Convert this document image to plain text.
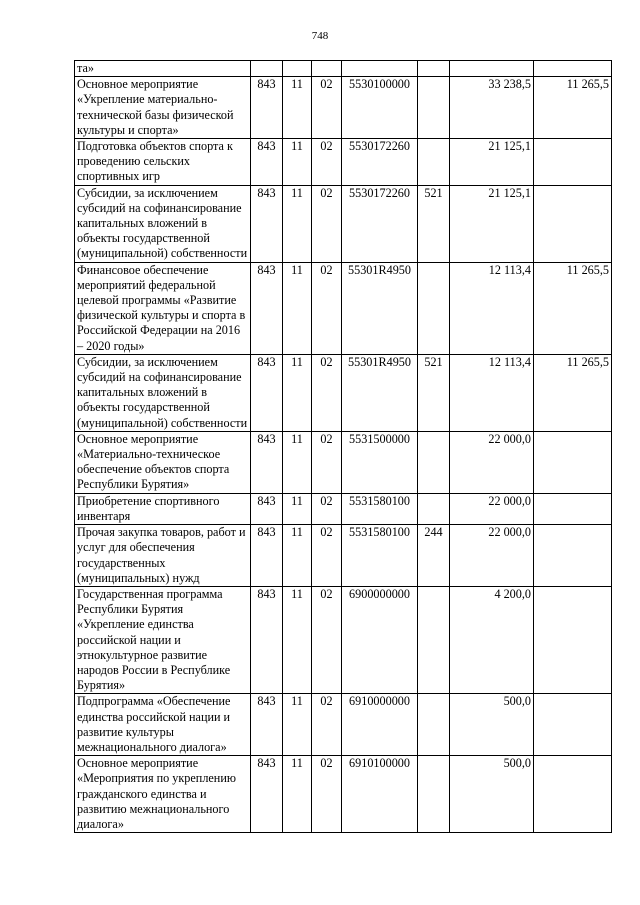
748
та»							
Основное мероприятие «Укрепление материально-технической базы физической культуры и спорта»	843	11	02	5530100000		33 238,5	11 265,5
Подготовка объектов спорта к проведению сельских спортивных игр	843	11	02	5530172260		21 125,1	
Субсидии, за исключением субсидий на софинансирование капитальных вложений в объекты государственной (муниципальной) собственности	843	11	02	5530172260	521	21 125,1	
Финансовое обеспечение мероприятий федеральной целевой программы «Развитие физической культуры и спорта в Российской Федерации на 2016 – 2020 годы»	843	11	02	55301R4950		12 113,4	11 265,5
Субсидии, за исключением субсидий на софинансирование капитальных вложений в объекты государственной (муниципальной) собственности	843	11	02	55301R4950	521	12 113,4	11 265,5
Основное мероприятие «Материально-техническое обеспечение объектов спорта Республики Бурятия»	843	11	02	5531500000		22 000,0	
Приобретение спортивного инвентаря	843	11	02	5531580100		22 000,0	
Прочая закупка товаров, работ и услуг для обеспечения государственных (муниципальных) нужд	843	11	02	5531580100	244	22 000,0	
Государственная программа Республики Бурятия «Укрепление единства российской нации и этнокультурное развитие народов России в Республике Бурятия»	843	11	02	6900000000		4 200,0	
Подпрограмма «Обеспечение единства российской нации и развитие культуры межнационального диалога»	843	11	02	6910000000		500,0	
Основное мероприятие «Мероприятия по укреплению гражданского единства и развитию межнационального диалога»	843	11	02	6910100000		500,0	
